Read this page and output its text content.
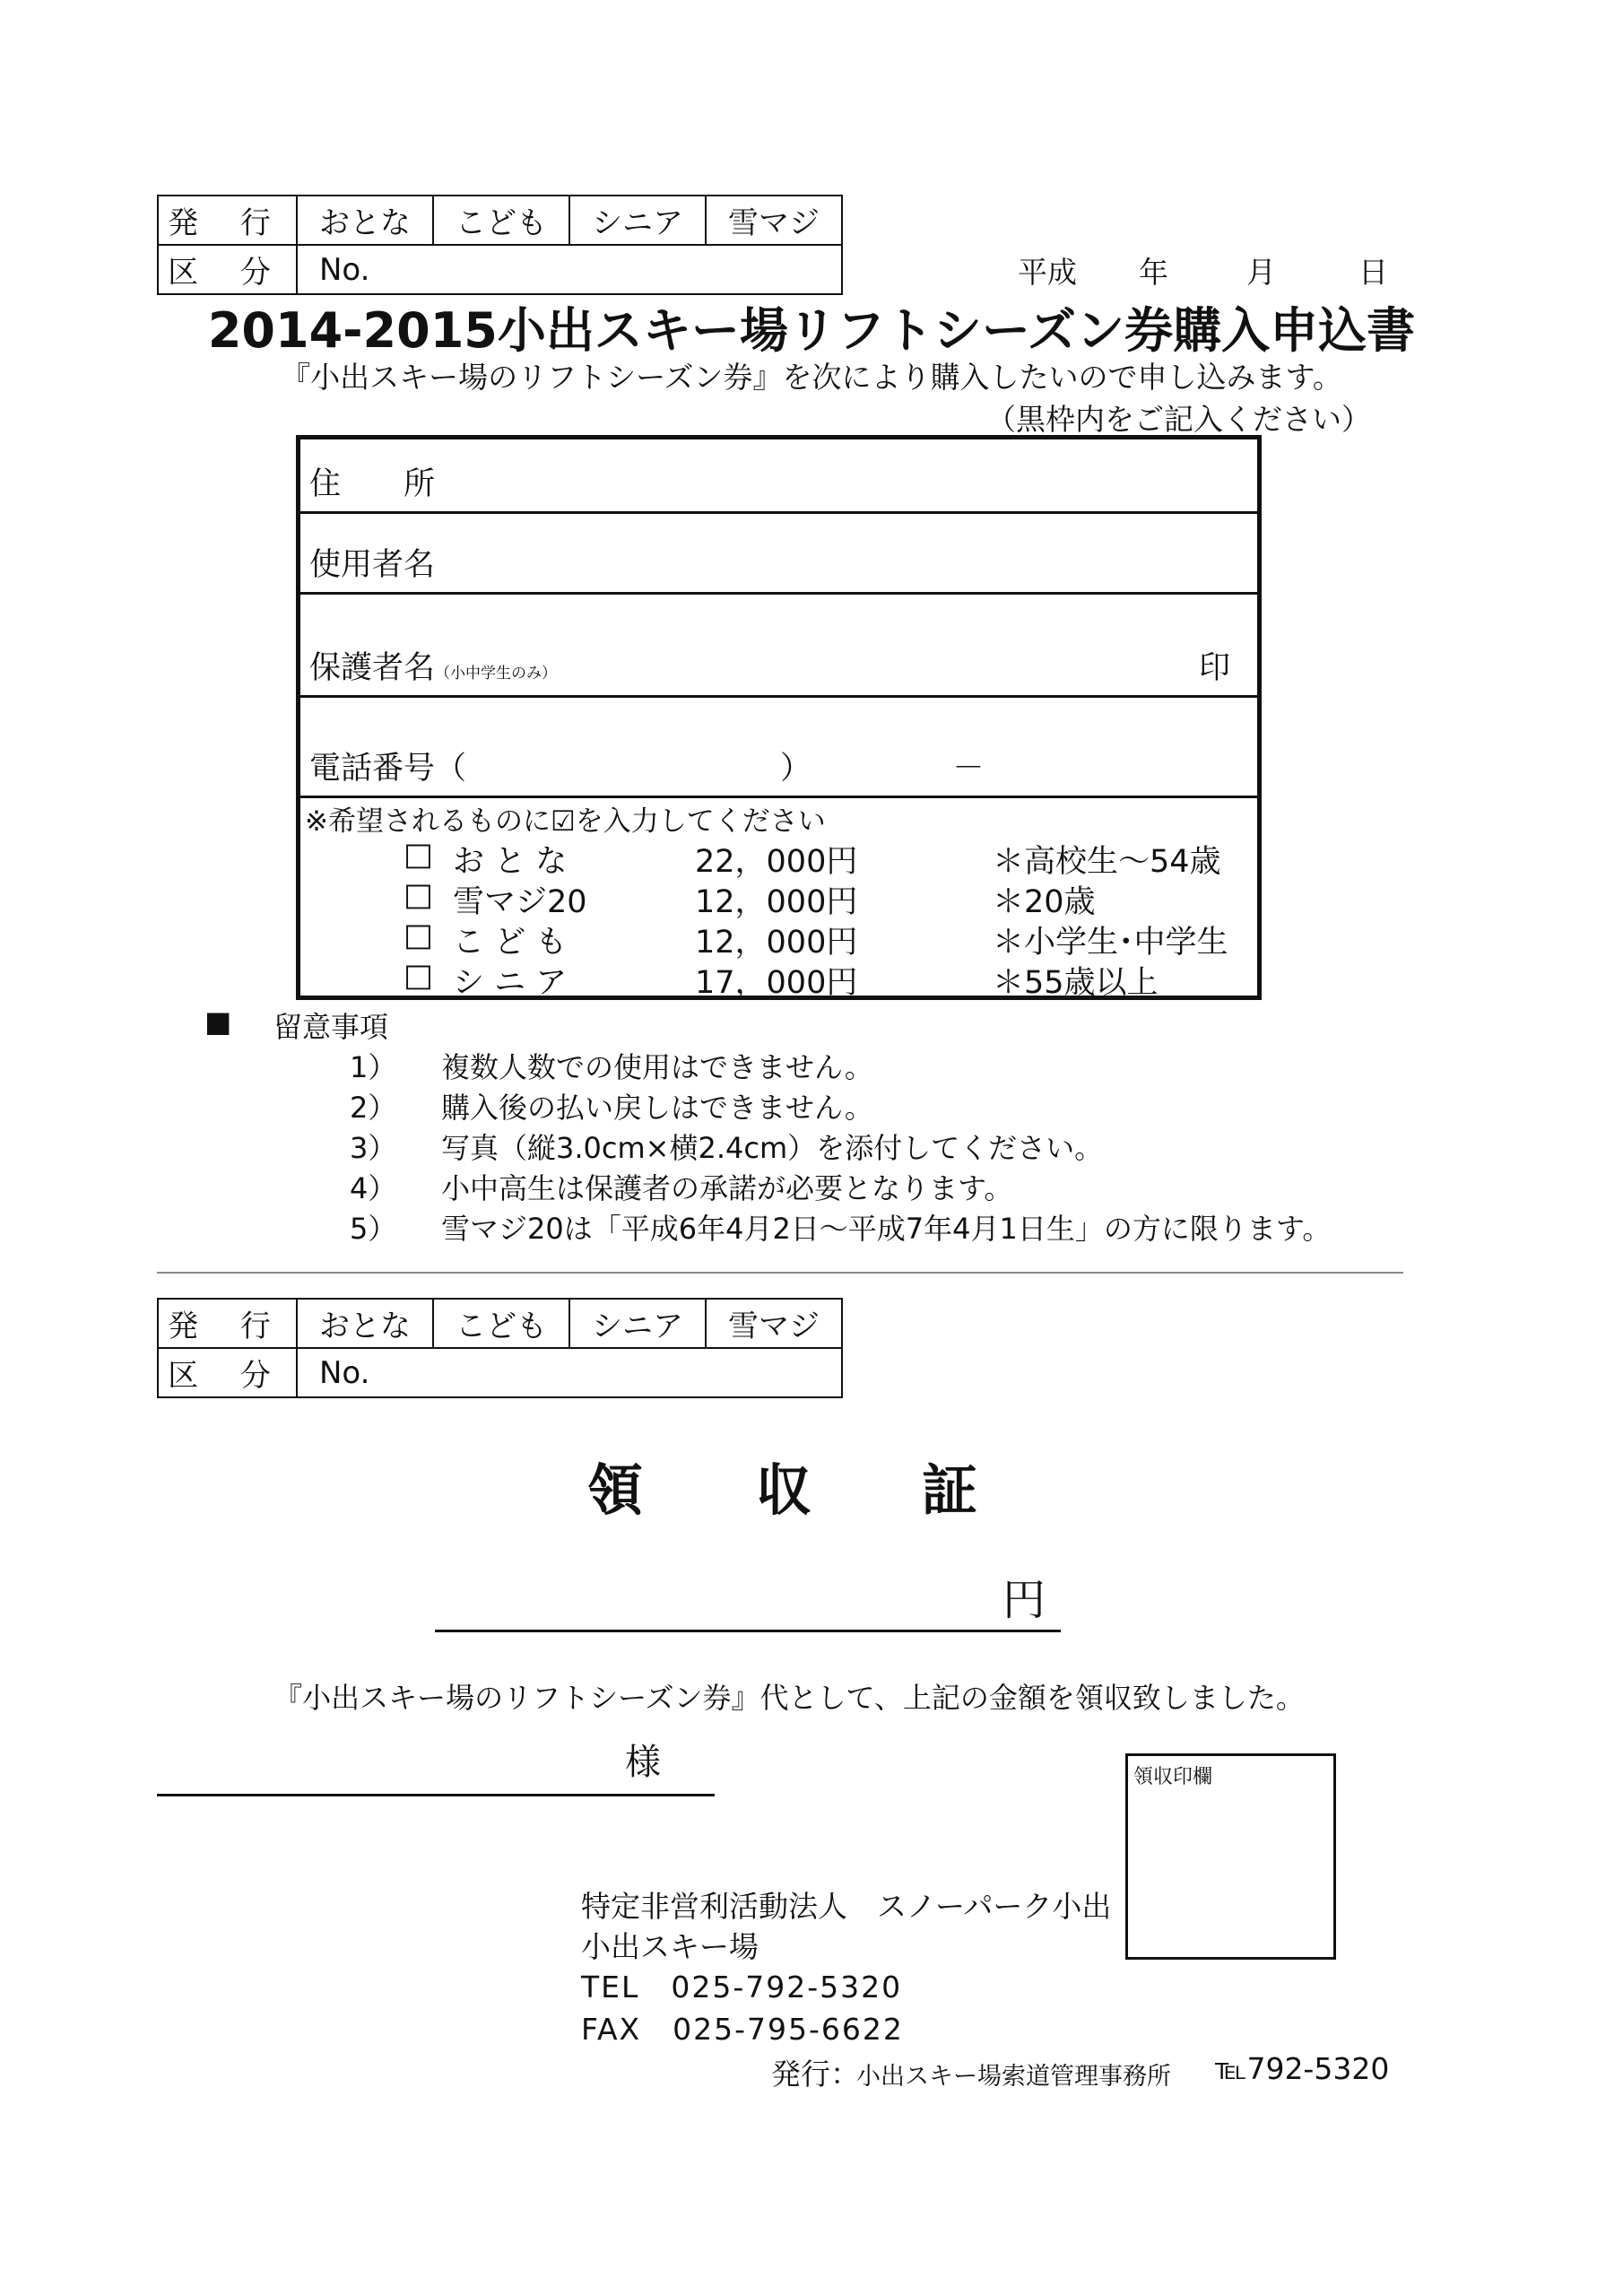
発 行	おとな	こども	シニア	雪マジ
区 分	No.				平成 年	月	日
2014-2015小出スキー場リフトシーズン券購入申込書
『小出スキー場のリフトシーズン券』を次により購入したいので申し込みます。
（黒枠内をご記入ください）
住　　所
使用者名
保護者名（小中学生のみ）	印
電話番号（　　　　　　　　　　）　　　　　－
※希望されるものに☑を入力してください
□ お と な	22，000円	＊高校生～54歳
□ 雪マジ20	12，000円	＊20歳
□ こ ど も	12，000円	＊小学生･中学生
□ シ ニ ア	17，000円	＊55歳以上
■ 留意事項
1） 複数人数での使用はできません。
2） 購入後の払い戻しはできません。
3） 写真（縦3.0cm×横2.4cm）を添付してください。
4） 小中高生は保護者の承諾が必要となります。
5） 雪マジ20は「平成6年4月2日～平成7年4月1日生」の方に限ります。
発 行	おとな	こども	シニア	雪マジ
区 分	No.			
領 収 証
円
『小出スキー場のリフトシーズン券』代として、上記の金額を領収致しました。
様	領収印欄
特定非営利活動法人　スノーパーク小出
小出スキー場
TEL　025-792-5320
FAX　025-795-6622
発行：
小出スキー場索道管理事務所 ℡792-5320
